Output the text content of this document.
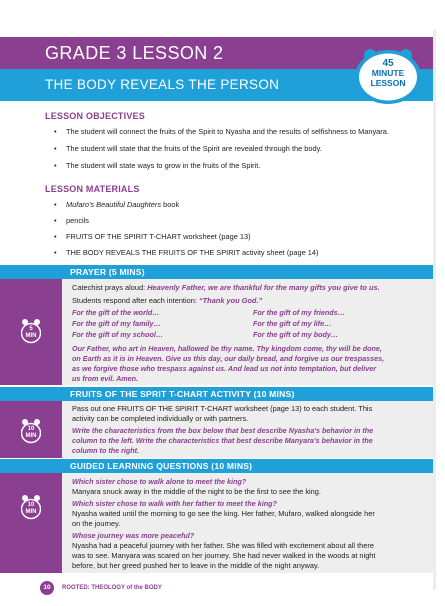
GRADE 3 LESSON 2
THE BODY REVEALS THE PERSON
45
MINUTE
LESSON
LESSON OBJECTIVES
• The student will connect the fruits of the Spirit to Nyasha and the results of selfishness to Manyara.
• The student will state that the fruits of the Spirit are revealed through the body.
• The student will state ways to grow in the fruits of the Spirit.
LESSON MATERIALS
• Mufaro's Beautiful Daughters book
• pencils
• FRUITS OF THE SPIRIT T-CHART worksheet (page 13)
• THE BODY REVEALS THE FRUITS OF THE SPIRIT activity sheet (page 14)
PRAYER (5 MINS)
5
MIN
Catechist prays aloud: Heavenly Father, we are thankful for the many gifts you give to us.
Students respond after each intention: “Thank you God.”
For the gift of the world…	For the gift of my friends…
For the gift of my family…	For the gift of my life…
For the gift of my school…	For the gift of my body…
Our Father, who art in Heaven, hallowed be thy name. Thy kingdom come, thy will be done,
on Earth as it is in Heaven. Give us this day, our daily bread, and forgive us our trespasses,
as we forgive those who trespass against us. And lead us not into temptation, but deliver
us from evil. Amen.
FRUITS OF THE SPRIT T-CHART ACTIVITY (10 MINS)
10
MIN
Pass out one FRUITS OF THE SPIRIT T-CHART worksheet (page 13) to each student. This
activity can be completed individually or with partners.
Write the characteristics from the box below that best describe Nyasha's behavior in the
column to the left. Write the characteristics that best describe Manyara's behavior in the
column to the right.
GUIDED LEARNING QUESTIONS (10 MINS)
10
MIN
Which sister chose to walk alone to meet the king?
Manyara snuck away in the middle of the night to be the first to see the king.
Which sister chose to walk with her father to meet the king?
Nyasha waited until the morning to go see the king. Her father, Mufaro, walked alongside her
on the journey.
Whose journey was more peaceful?
Nyasha had a peaceful journey with her father. She was filled with excitement about all there
was to see. Manyara was scared on her journey. She had never walked in the woods at night
before, but her greed pushed her to leave in the middle of the night anyway.
10	ROOTED: THEOLOGY of the BODY
